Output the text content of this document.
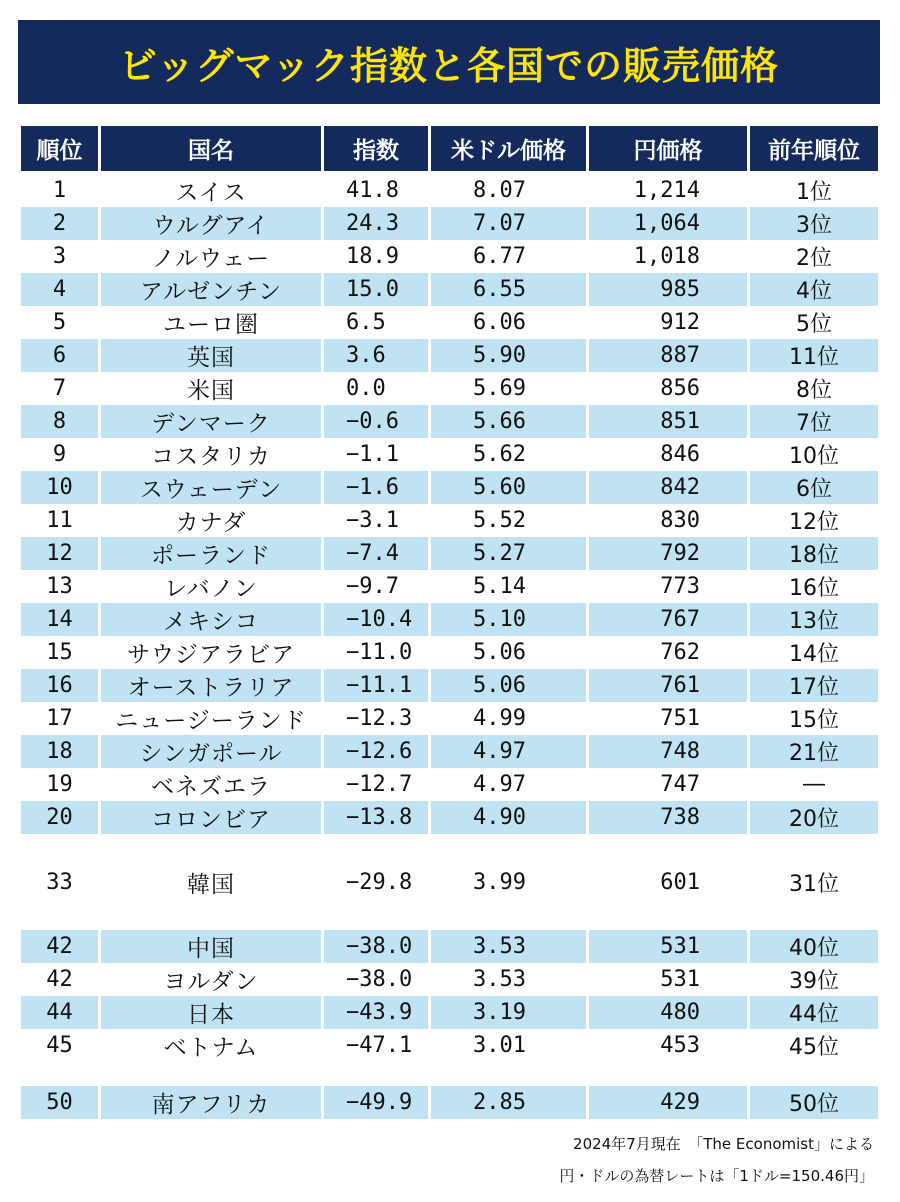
ビッグマック指数と各国での販売価格
順位	国名	指数	米ドル価格	円価格	前年順位
1	スイス	41.8	8.07	1,214	1位
2	ウルグアイ	24.3	7.07	1,064	3位
3	ノルウェー	18.9	6.77	1,018	2位
4	アルゼンチン	15.0	6.55	985	4位
5	ユーロ圏	6.5	6.06	912	5位
6	英国	3.6	5.90	887	11位
7	米国	0.0	5.69	856	8位
8	デンマーク	−0.6	5.66	851	7位
9	コスタリカ	−1.1	5.62	846	10位
10	スウェーデン	−1.6	5.60	842	6位
11	カナダ	−3.1	5.52	830	12位
12	ポーランド	−7.4	5.27	792	18位
13	レバノン	−9.7	5.14	773	16位
14	メキシコ	−10.4	5.10	767	13位
15	サウジアラビア	−11.0	5.06	762	14位
16	オーストラリア	−11.1	5.06	761	17位
17	ニュージーランド	−12.3	4.99	751	15位
18	シンガポール	−12.6	4.97	748	21位
19	ベネズエラ	−12.7	4.97	747	―
20	コロンビア	−13.8	4.90	738	20位

33	韓国	−29.8	3.99	601	31位

42	中国	−38.0	3.53	531	40位
42	ヨルダン	−38.0	3.53	531	39位
44	日本	−43.9	3.19	480	44位
45	ベトナム	−47.1	3.01	453	45位

50	南アフリカ	−49.9	2.85	429	50位
2024年7月現在　「The Economist」による
円・ドルの為替レートは「1ドル=150.46円」
